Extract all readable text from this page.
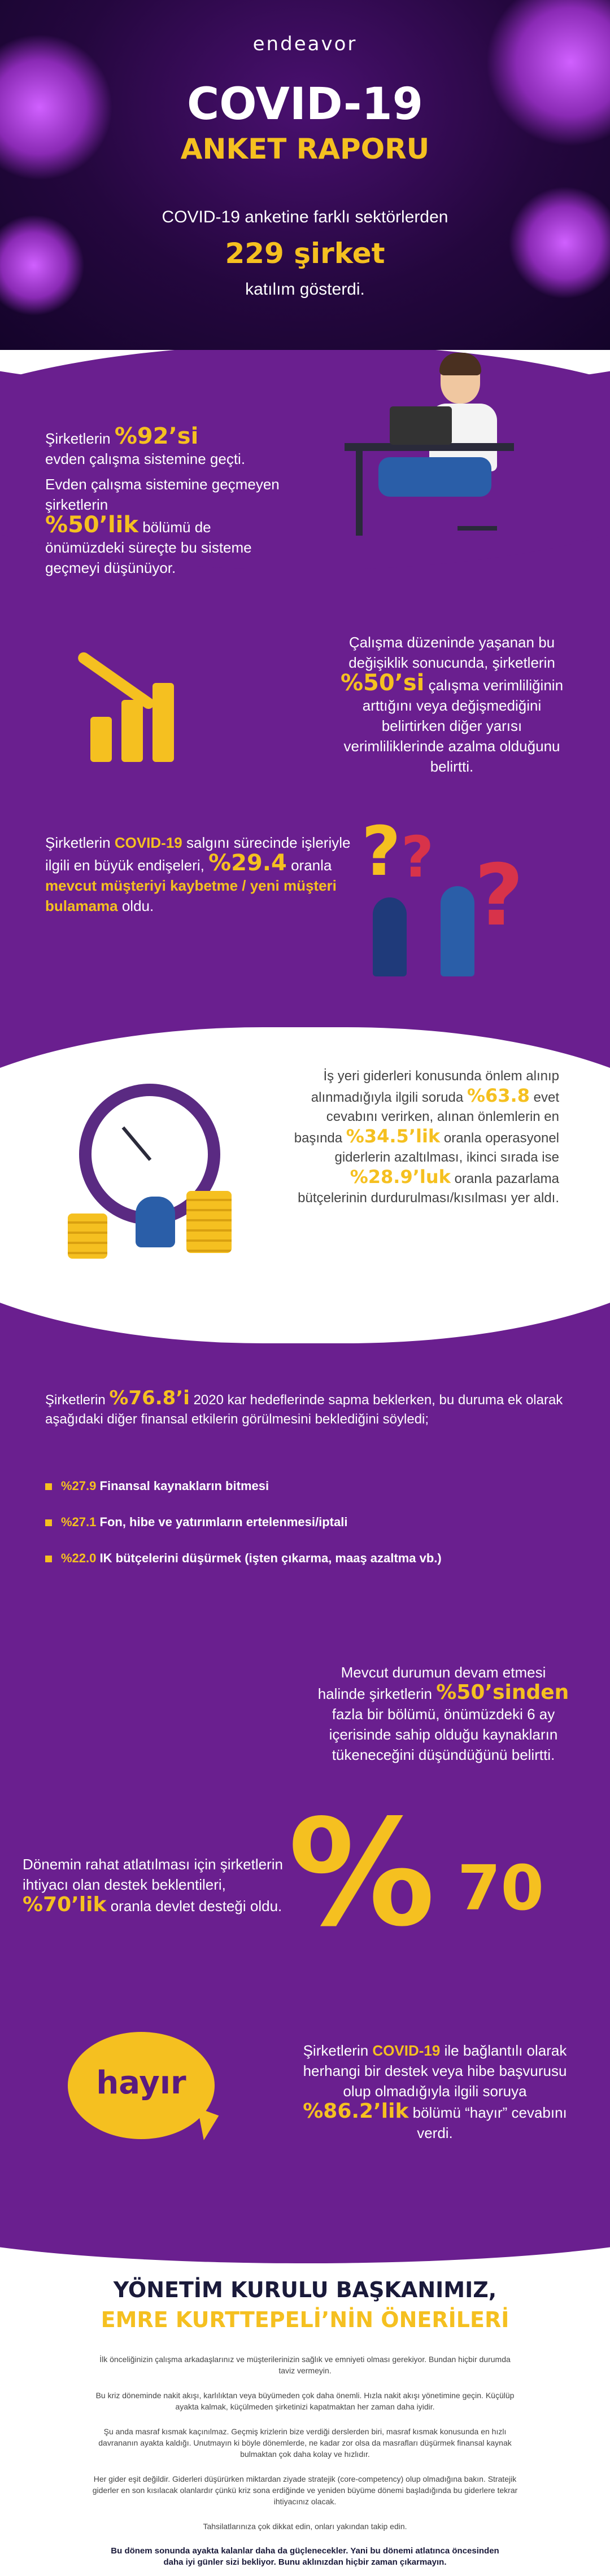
endeavor
COVID-19
ANKET RAPORU
COVID-19 anketine farklı sektörlerden
229 şirket
katılım gösterdi.
Şirketlerin %92’si
evden çalışma sistemine geçti.
Evden çalışma sistemine geçmeyen şirketlerin
%50’lik bölümü de önümüzdeki süreçte bu sisteme geçmeyi düşünüyor.
Çalışma düzeninde yaşanan bu değişiklik sonucunda, şirketlerin %50’si çalışma verimliliğinin arttığını veya değişmediğini belirtirken diğer yarısı verimliliklerinde azalma olduğunu belirtti.
Şirketlerin COVID-19 salgını sürecinde işleriyle ilgili en büyük endişeleri, %29.4 oranla mevcut müşteriyi kaybetme / yeni müşteri bulamama oldu.
? ? ?
İş yeri giderleri konusunda önlem alınıp alınmadığıyla ilgili soruda %63.8 evet cevabını verirken, alınan önlemlerin en başında %34.5’lik oranla operasyonel giderlerin azaltılması, ikinci sırada ise %28.9’luk oranla pazarlama bütçelerinin durdurulması/kısılması yer aldı.
Şirketlerin %76.8’i 2020 kar hedeflerinde sapma beklerken, bu duruma ek olarak aşağıdaki diğer finansal etkilerin görülmesini beklediğini söyledi;
%27.9 Finansal kaynakların bitmesi
%27.1 Fon, hibe ve yatırımların ertelenmesi/iptali
%22.0 IK bütçelerini düşürmek (işten çıkarma, maaş azaltma vb.)
Mevcut durumun devam etmesi halinde şirketlerin %50’sinden fazla bir bölümü, önümüzdeki 6 ay içerisinde sahip olduğu kaynakların tükeneceğini düşündüğünü belirtti.
Dönemin rahat atlatılması için şirketlerin ihtiyacı olan destek beklentileri, %70’lik oranla devlet desteği oldu. % 70
hayır
Şirketlerin COVID-19 ile bağlantılı olarak herhangi bir destek veya hibe başvurusu olup olmadığıyla ilgili soruya %86.2’lik bölümü “hayır” cevabını verdi.
YÖNETİM KURULU BAŞKANIMIZ,
EMRE KURTTEPELİ’NİN ÖNERİLERİ

İlk önceliğinizin çalışma arkadaşlarınız ve müşterilerinizin sağlık ve emniyeti olması gerekiyor. Bundan hiçbir durumda taviz vermeyin.

Bu kriz döneminde nakit akışı, karlılıktan veya büyümeden çok daha önemli. Hızla nakit akışı yönetimine geçin. Küçülüp ayakta kalmak, küçülmeden şirketinizi kapatmaktan her zaman daha iyidir.

Şu anda masraf kısmak kaçınılmaz. Geçmiş krizlerin bize verdiği derslerden biri, masraf kısmak konusunda en hızlı davrananın ayakta kaldığı. Unutmayın ki böyle dönemlerde, ne kadar zor olsa da masrafları düşürmek finansal kaynak bulmaktan çok daha kolay ve hızlıdır.

Her gider eşit değildir. Giderleri düşürürken miktardan ziyade stratejik (core-competency) olup olmadığına bakın. Stratejik giderler en son kısılacak olanlardır çünkü kriz sona erdiğinde ve yeniden büyüme dönemi başladığında bu giderlere tekrar ihtiyacınız olacak.

Tahsilatlarınıza çok dikkat edin, onları yakından takip edin.

Bu dönem sonunda ayakta kalanlar daha da güçlenecekler. Yani bu dönemi atlatınca öncesinden
daha iyi günler sizi bekliyor. Bunu aklınızdan hiçbir zaman çıkarmayın.
